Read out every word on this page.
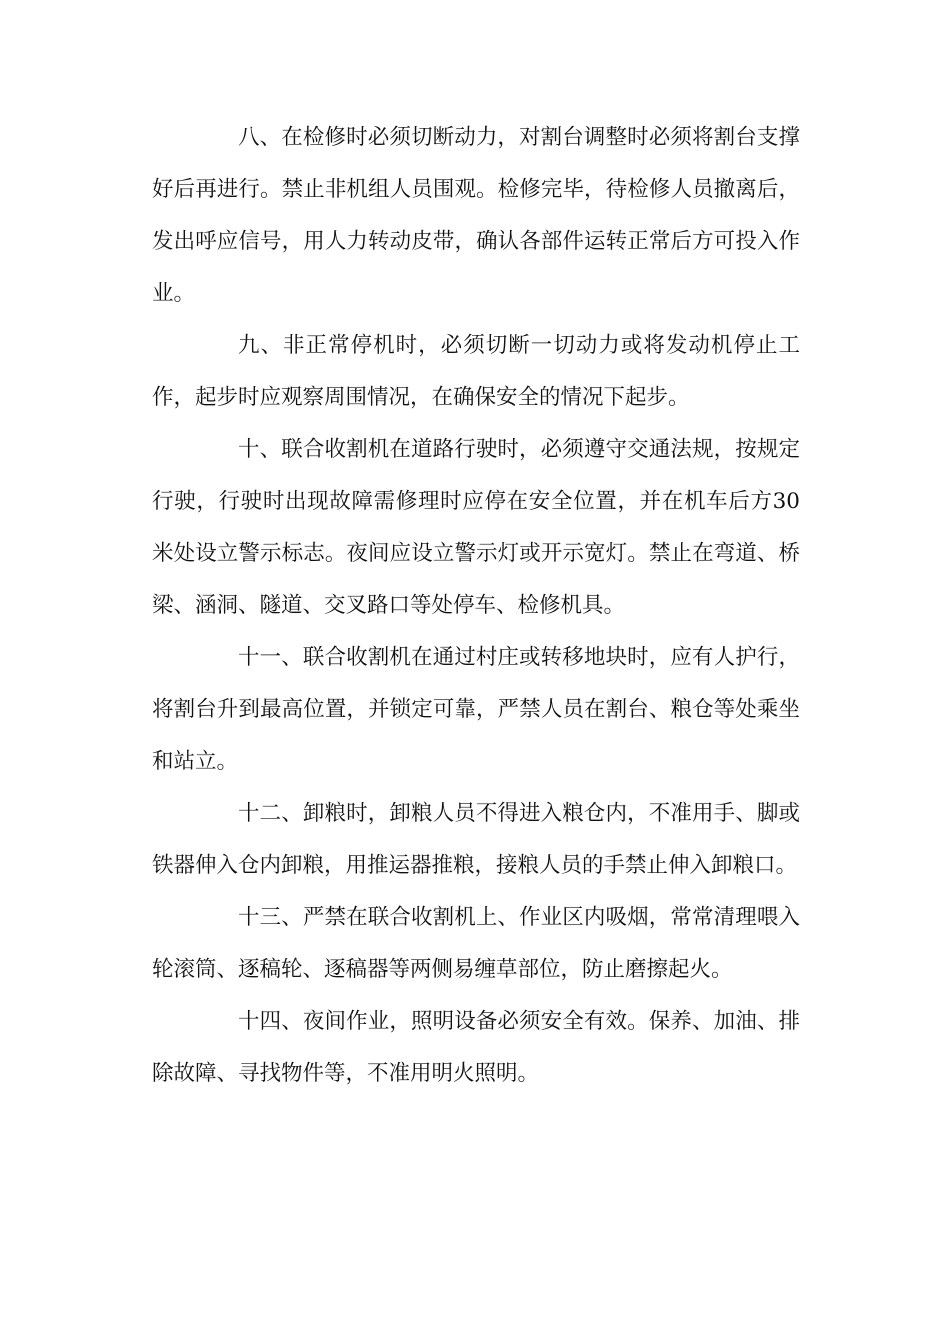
八、在检修时必须切断动力，对割台调整时必须将割台支撑好后再进行。禁止非机组人员围观。检修完毕，待检修人员撤离后，发出呼应信号，用人力转动皮带，确认各部件运转正常后方可投入作业。

九、非正常停机时，必须切断一切动力或将发动机停止工作，起步时应观察周围情况，在确保安全的情况下起步。

十、联合收割机在道路行驶时，必须遵守交通法规，按规定行驶，行驶时出现故障需修理时应停在安全位置，并在机车后方30米处设立警示标志。夜间应设立警示灯或开示宽灯。禁止在弯道、桥梁、涵洞、隧道、交叉路口等处停车、检修机具。

十一、联合收割机在通过村庄或转移地块时，应有人护行，将割台升到最高位置，并锁定可靠，严禁人员在割台、粮仓等处乘坐和站立。

十二、卸粮时，卸粮人员不得进入粮仓内，不准用手、脚或铁器伸入仓内卸粮，用推运器推粮，接粮人员的手禁止伸入卸粮口。

十三、严禁在联合收割机上、作业区内吸烟，常常清理喂入轮滚筒、逐稿轮、逐稿器等两侧易缠草部位，防止磨擦起火。

十四、夜间作业，照明设备必须安全有效。保养、加油、排除故障、寻找物件等，不准用明火照明。
